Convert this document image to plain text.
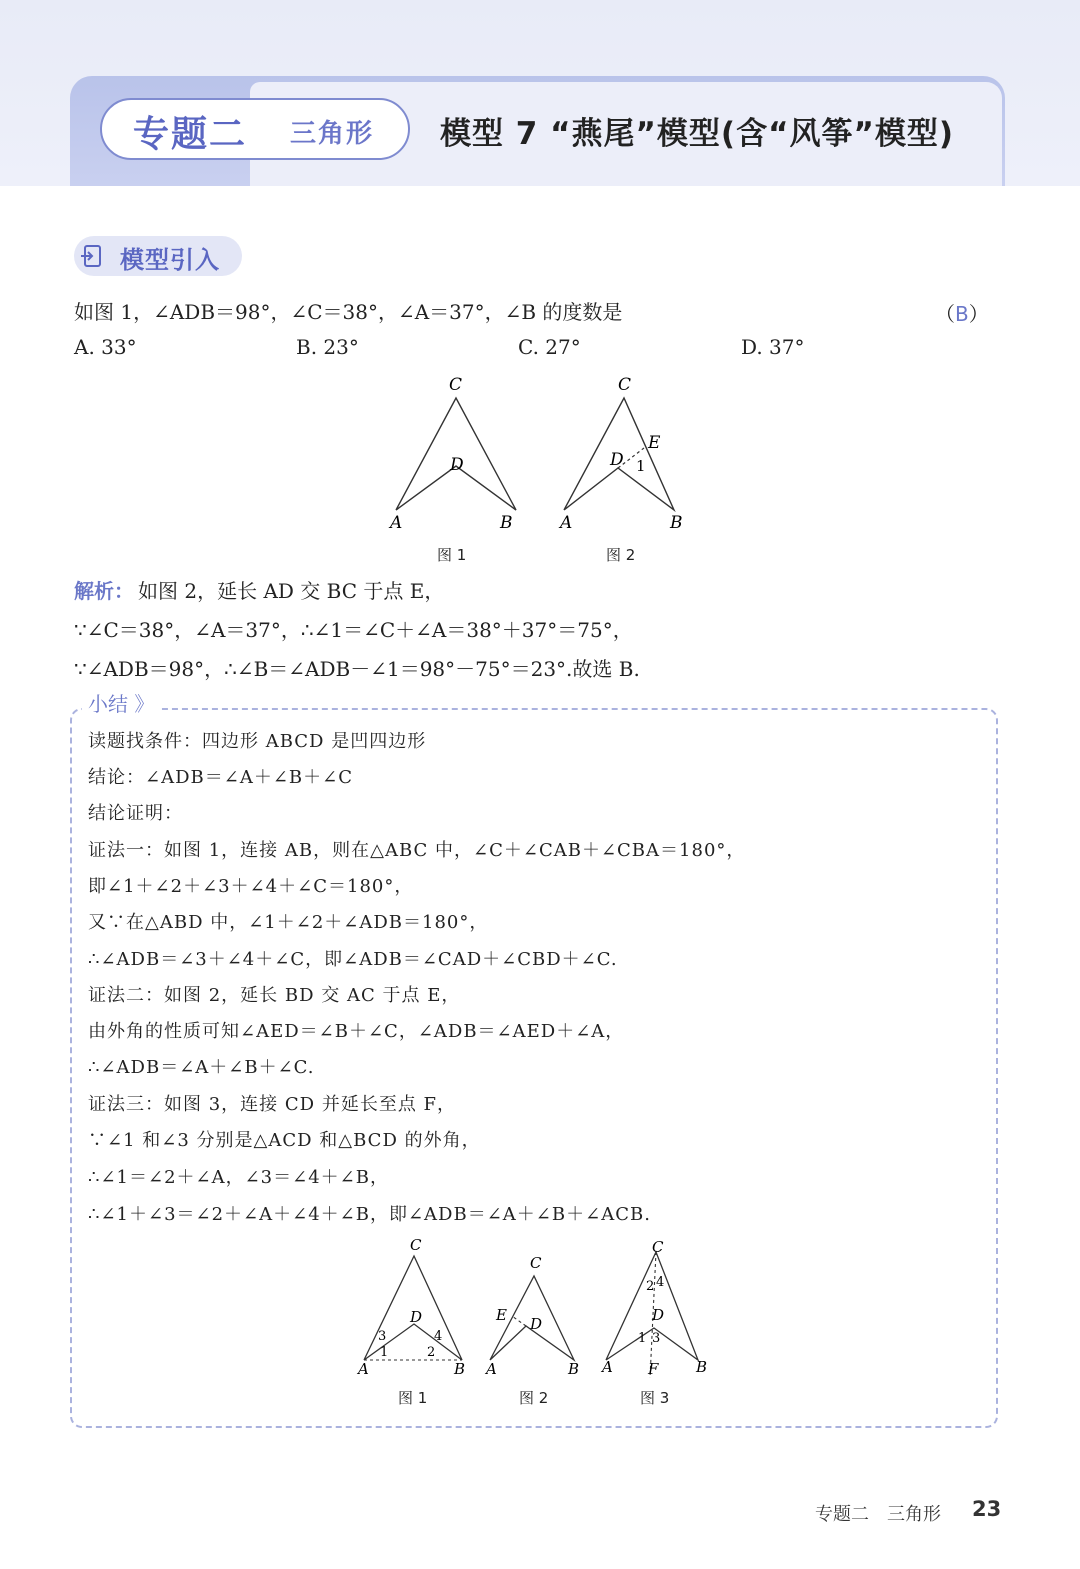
专题二 三角形 模型 7 “燕尾”模型(含“风筝”模型)
模型引入
如图 1，∠ADB＝98°，∠C＝38°，∠A＝37°，∠B 的度数是	（B）
A. 33°	B. 23°	C. 27°	D. 37°
C
D
A	B
C
D
E
1
A	B
图 1	图 2
解析： 如图 2，延长 AD 交 BC 于点 E，
∵∠C＝38°，∠A＝37°，∴∠1＝∠C＋∠A＝38°＋37°＝75°，
∵∠ADB＝98°，∴∠B＝∠ADB－∠1＝98°－75°＝23°.故选 B.
小结 》
读题找条件：四边形 ABCD 是凹四边形
结论：∠ADB＝∠A＋∠B＋∠C
结论证明：
证法一：如图 1，连接 AB，则在△ABC 中，∠C＋∠CAB＋∠CBA＝180°，
即∠1＋∠2＋∠3＋∠4＋∠C＝180°，
又∵在△ABD 中，∠1＋∠2＋∠ADB＝180°，
∴∠ADB＝∠3＋∠4＋∠C，即∠ADB＝∠CAD＋∠CBD＋∠C.
证法二：如图 2，延长 BD 交 AC 于点 E，
由外角的性质可知∠AED＝∠B＋∠C，∠ADB＝∠AED＋∠A，
∴∠ADB＝∠A＋∠B＋∠C.
证法三：如图 3，连接 CD 并延长至点 F，
∵∠1 和∠3 分别是△ACD 和△BCD 的外角，
∴∠1＝∠2＋∠A，∠3＝∠4＋∠B，
∴∠1＋∠3＝∠2＋∠A＋∠4＋∠B，即∠ADB＝∠A＋∠B＋∠ACB.
C
D
A	B
3
1	2
4
C
E D
A	B
C
2 4
D
1 3
A F	B
图 1	图 2	图 3
专题二　三角形 23
